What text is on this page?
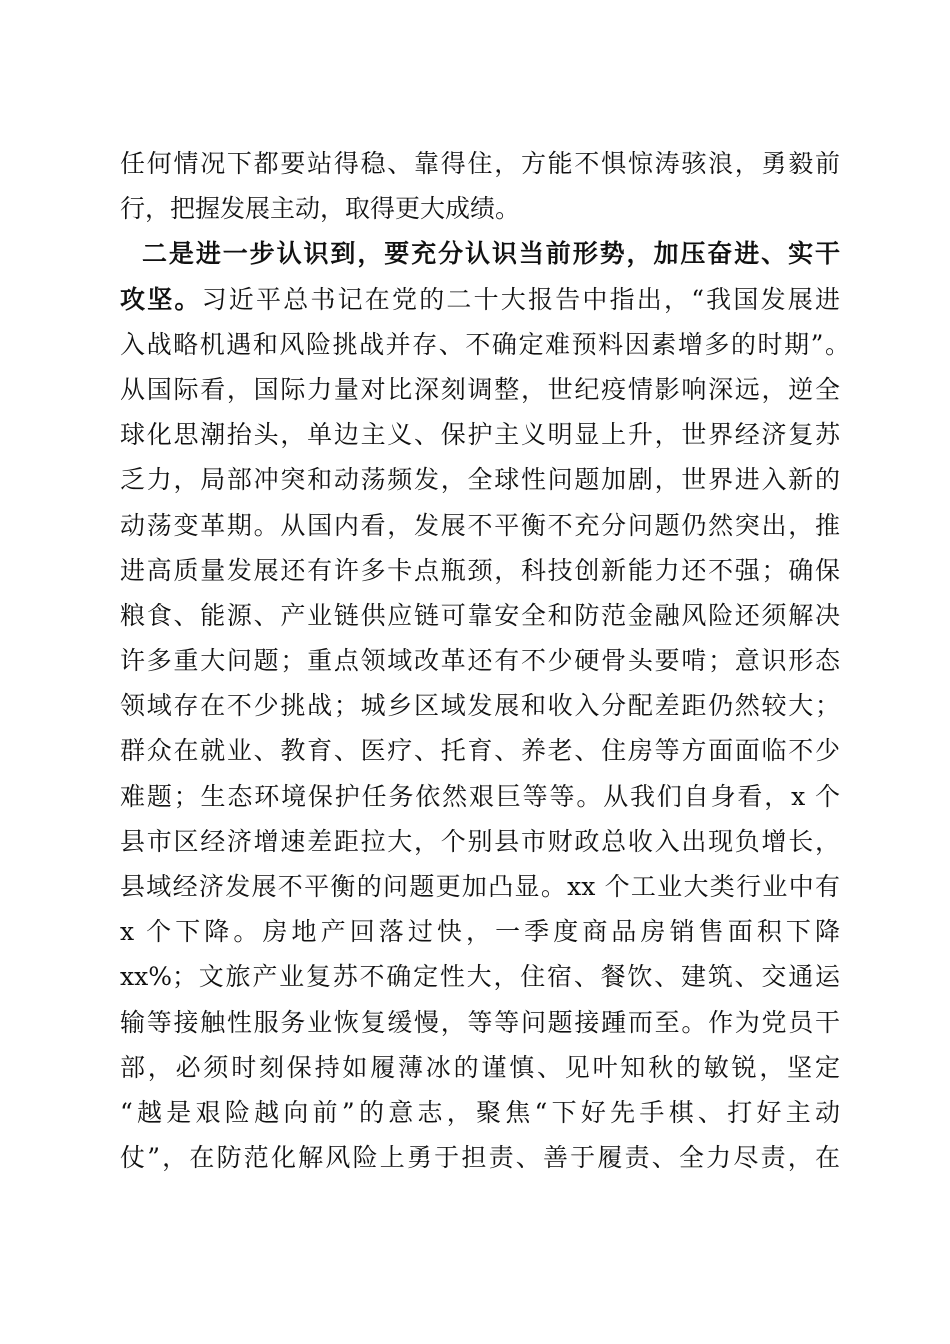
任何情况下都要站得稳、靠得住，方能不惧惊涛骇浪，勇毅前
行，把握发展主动，取得更大成绩。
二是进一步认识到，要充分认识当前形势，加压奋进、实干
攻坚。习近平总书记在党的二十大报告中指出，“我国发展进
入战略机遇和风险挑战并存、不确定难预料因素增多的时期”。
从国际看，国际力量对比深刻调整，世纪疫情影响深远，逆全
球化思潮抬头，单边主义、保护主义明显上升，世界经济复苏
乏力，局部冲突和动荡频发，全球性问题加剧，世界进入新的
动荡变革期。从国内看，发展不平衡不充分问题仍然突出，推
进高质量发展还有许多卡点瓶颈，科技创新能力还不强；确保
粮食、能源、产业链供应链可靠安全和防范金融风险还须解决
许多重大问题；重点领域改革还有不少硬骨头要啃；意识形态
领域存在不少挑战；城乡区域发展和收入分配差距仍然较大；
群众在就业、教育、医疗、托育、养老、住房等方面面临不少
难题；生态环境保护任务依然艰巨等等。从我们自身看，x 个
县市区经济增速差距拉大，个别县市财政总收入出现负增长，
县域经济发展不平衡的问题更加凸显。xx 个工业大类行业中有
x 个下降。房地产回落过快，一季度商品房销售面积下降
xx%；文旅产业复苏不确定性大，住宿、餐饮、建筑、交通运
输等接触性服务业恢复缓慢，等等问题接踵而至。作为党员干
部，必须时刻保持如履薄冰的谨慎、见叶知秋的敏锐，坚定
“越是艰险越向前”的意志，聚焦“下好先手棋、打好主动
仗”，在防范化解风险上勇于担责、善于履责、全力尽责，在
